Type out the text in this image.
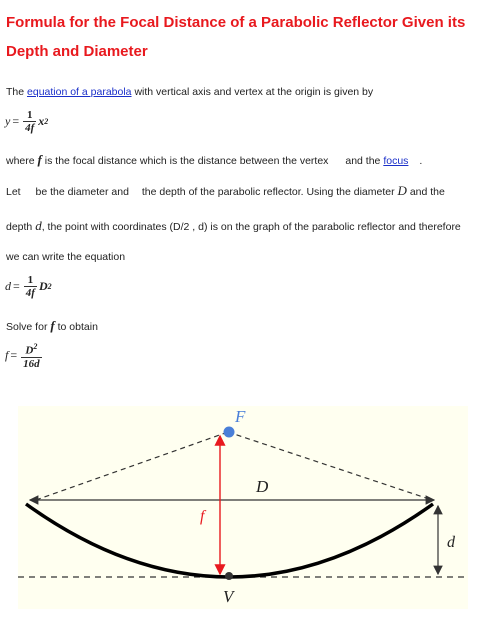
Formula for the Focal Distance of a Parabolic Reflector Given its Depth and Diameter
The equation of a parabola with vertical axis and vertex at the origin is given by
$y = \frac{1}{4f}$ x 2
where f is the focal distance which is the distance between the vertex and the focus .
Let be the diameter and the depth of the parabolic reflector. Using the diameter D and the
depth d, the point with coordinates (D/2 , d) is on the graph of the parabolic reflector and therefore
we can write the equation
$d = \frac{1}{4f}$ D 2
Solve for f to obtain
$f = \frac{D^2}{16d}$
F
D
f
d
V
